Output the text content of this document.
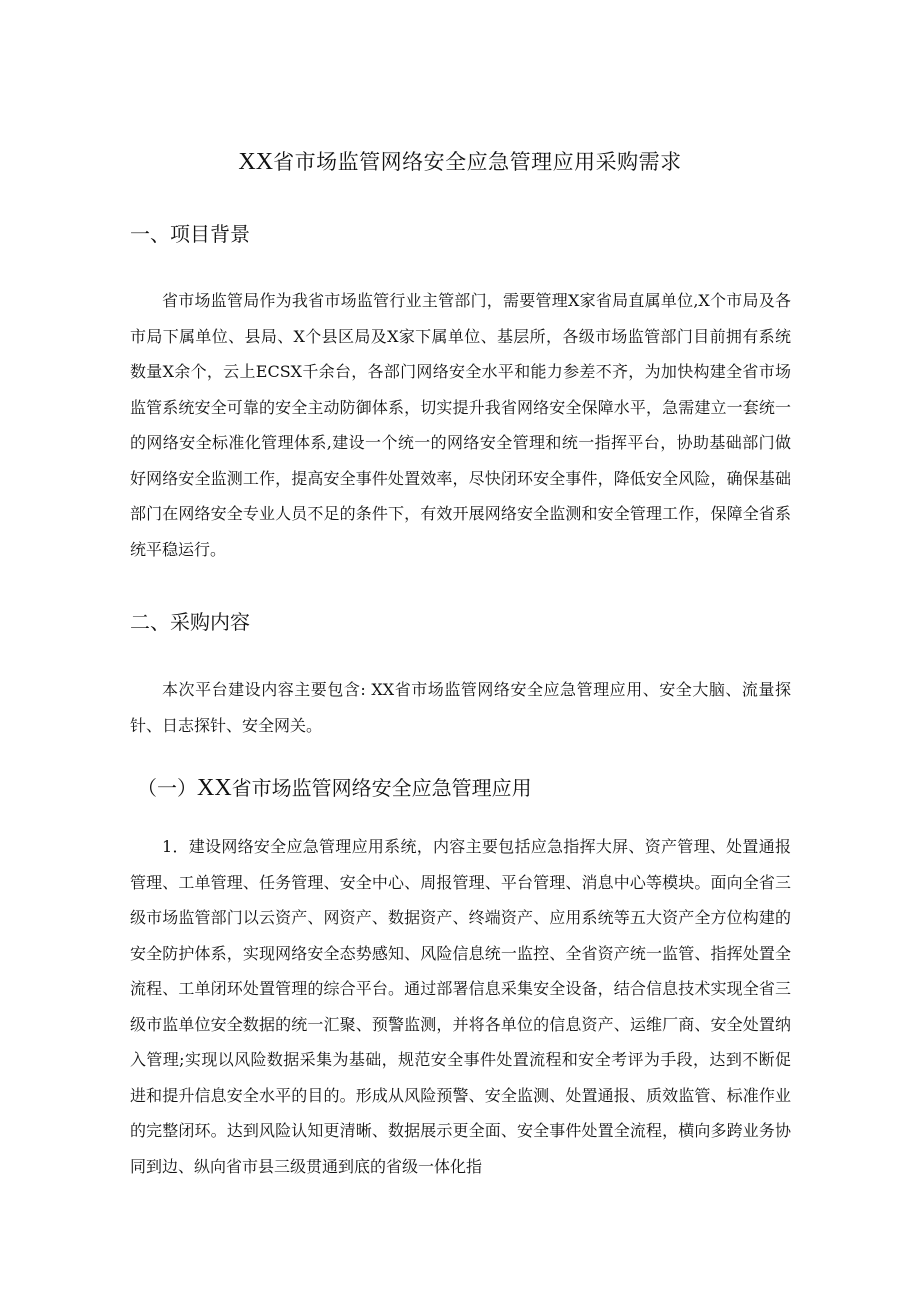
XX省市场监管网络安全应急管理应用采购需求
一、项目背景

省市场监管局作为我省市场监管行业主管部门，需要管理X家省局直属单位,X个市局及各市局下属单位、县局、X个县区局及X家下属单位、基层所，各级市场监管部门目前拥有系统数量X余个，云上ECSX千余台，各部门网络安全水平和能力参差不齐，为加快构建全省市场监管系统安全可靠的安全主动防御体系，切实提升我省网络安全保障水平，急需建立一套统一的网络安全标准化管理体系,建设一个统一的网络安全管理和统一指挥平台，协助基础部门做好网络安全监测工作，提高安全事件处置效率，尽快闭环安全事件，降低安全风险，确保基础部门在网络安全专业人员不足的条件下，有效开展网络安全监测和安全管理工作，保障全省系统平稳运行。

二、采购内容

本次平台建设内容主要包含: XX省市场监管网络安全应急管理应用、安全大脑、流量探针、日志探针、安全网关。

（一）XX省市场监管网络安全应急管理应用

1．建设网络安全应急管理应用系统，内容主要包括应急指挥大屏、资产管理、处置通报管理、工单管理、任务管理、安全中心、周报管理、平台管理、消息中心等模块。面向全省三级市场监管部门以云资产、网资产、数据资产、终端资产、应用系统等五大资产全方位构建的安全防护体系，实现网络安全态势感知、风险信息统一监控、全省资产统一监管、指挥处置全流程、工单闭环处置管理的综合平台。通过部署信息采集安全设备，结合信息技术实现全省三级市监单位安全数据的统一汇聚、预警监测，并将各单位的信息资产、运维厂商、安全处置纳入管理;实现以风险数据采集为基础，规范安全事件处置流程和安全考评为手段，达到不断促进和提升信息安全水平的目的。形成从风险预警、安全监测、处置通报、质效监管、标准作业的完整闭环。达到风险认知更清晰、数据展示更全面、安全事件处置全流程，横向多跨业务协同到边、纵向省市县三级贯通到底的省级一体化指
